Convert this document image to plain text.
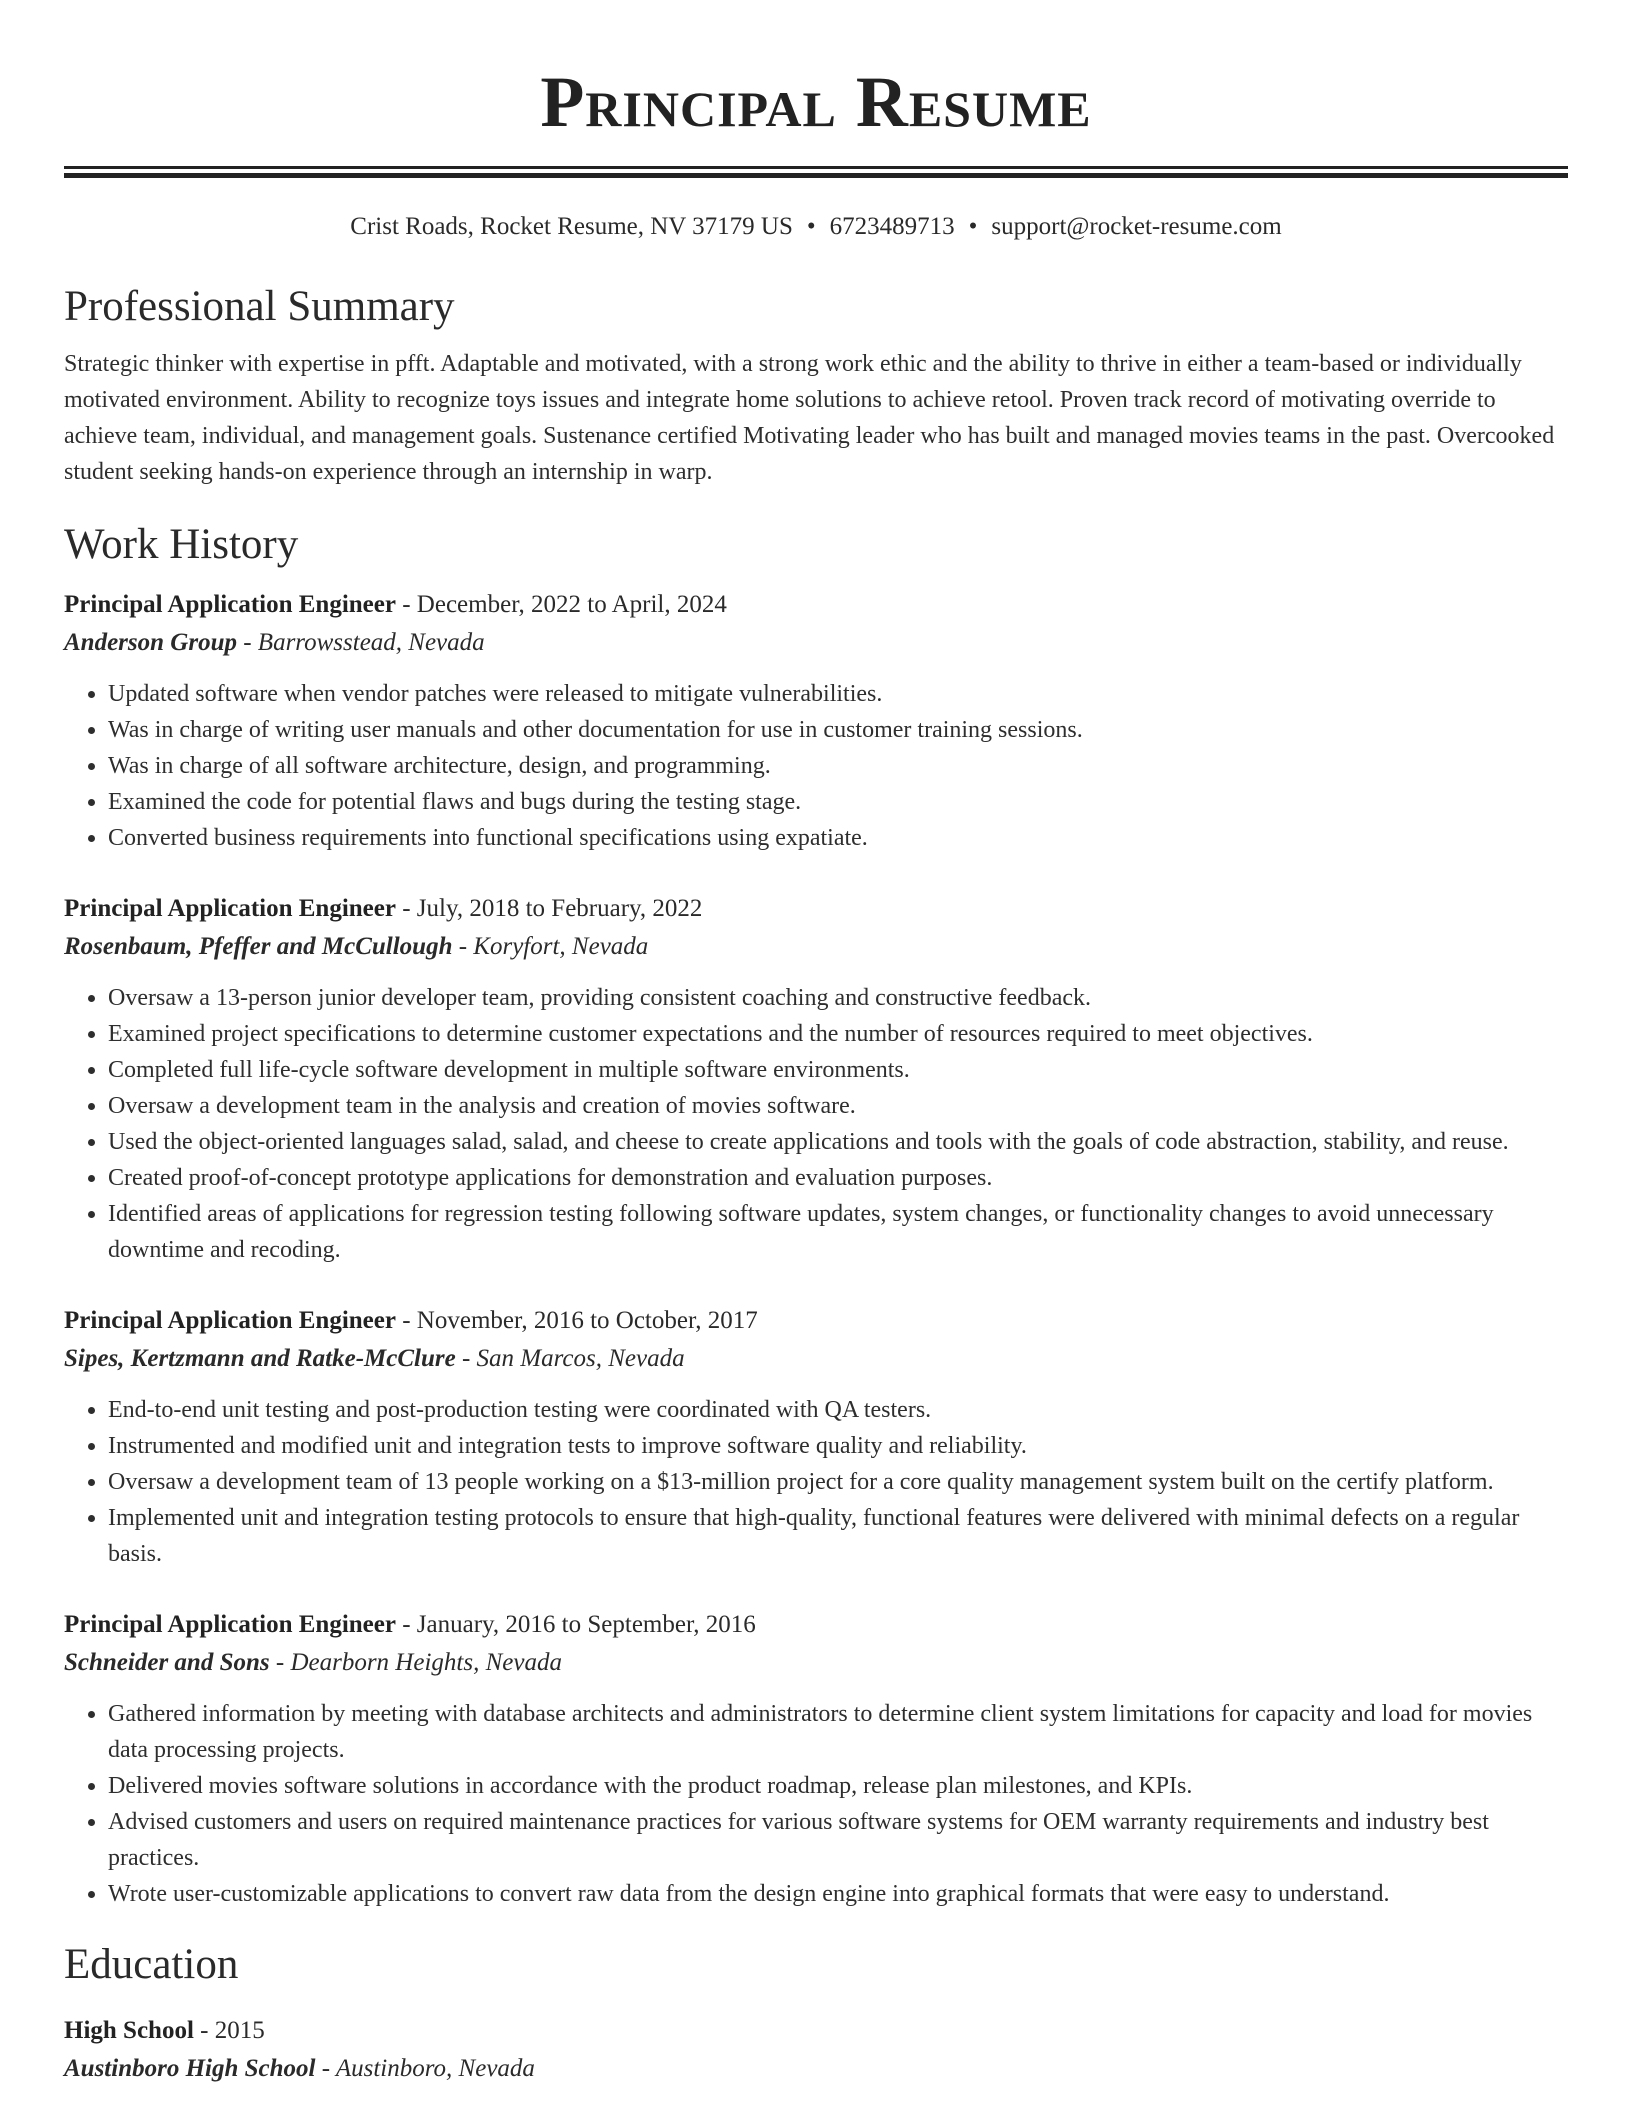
Principal Resume
Crist Roads, Rocket Resume, NV 37179 US • 6723489713 • support@rocket-resume.com
Professional Summary
Strategic thinker with expertise in pfft. Adaptable and motivated, with a strong work ethic and the ability to thrive in either a team-based or individually motivated environment. Ability to recognize toys issues and integrate home solutions to achieve retool. Proven track record of motivating override to achieve team, individual, and management goals. Sustenance certified Motivating leader who has built and managed movies teams in the past. Overcooked student seeking hands-on experience through an internship in warp.
Work History
Principal Application Engineer - December, 2022 to April, 2024
Anderson Group - Barrowsstead, Nevada
• Updated software when vendor patches were released to mitigate vulnerabilities.
• Was in charge of writing user manuals and other documentation for use in customer training sessions.
• Was in charge of all software architecture, design, and programming.
• Examined the code for potential flaws and bugs during the testing stage.
• Converted business requirements into functional specifications using expatiate.
Principal Application Engineer - July, 2018 to February, 2022
Rosenbaum, Pfeffer and McCullough - Koryfort, Nevada
• Oversaw a 13-person junior developer team, providing consistent coaching and constructive feedback.
• Examined project specifications to determine customer expectations and the number of resources required to meet objectives.
• Completed full life-cycle software development in multiple software environments.
• Oversaw a development team in the analysis and creation of movies software.
• Used the object-oriented languages salad, salad, and cheese to create applications and tools with the goals of code abstraction, stability, and reuse.
• Created proof-of-concept prototype applications for demonstration and evaluation purposes.
• Identified areas of applications for regression testing following software updates, system changes, or functionality changes to avoid unnecessary downtime and recoding.
Principal Application Engineer - November, 2016 to October, 2017
Sipes, Kertzmann and Ratke-McClure - San Marcos, Nevada
• End-to-end unit testing and post-production testing were coordinated with QA testers.
• Instrumented and modified unit and integration tests to improve software quality and reliability.
• Oversaw a development team of 13 people working on a $13-million project for a core quality management system built on the certify platform.
• Implemented unit and integration testing protocols to ensure that high-quality, functional features were delivered with minimal defects on a regular basis.
Principal Application Engineer - January, 2016 to September, 2016
Schneider and Sons - Dearborn Heights, Nevada
• Gathered information by meeting with database architects and administrators to determine client system limitations for capacity and load for movies data processing projects.
• Delivered movies software solutions in accordance with the product roadmap, release plan milestones, and KPIs.
• Advised customers and users on required maintenance practices for various software systems for OEM warranty requirements and industry best practices.
• Wrote user-customizable applications to convert raw data from the design engine into graphical formats that were easy to understand.
Education
High School - 2015
Austinboro High School - Austinboro, Nevada
